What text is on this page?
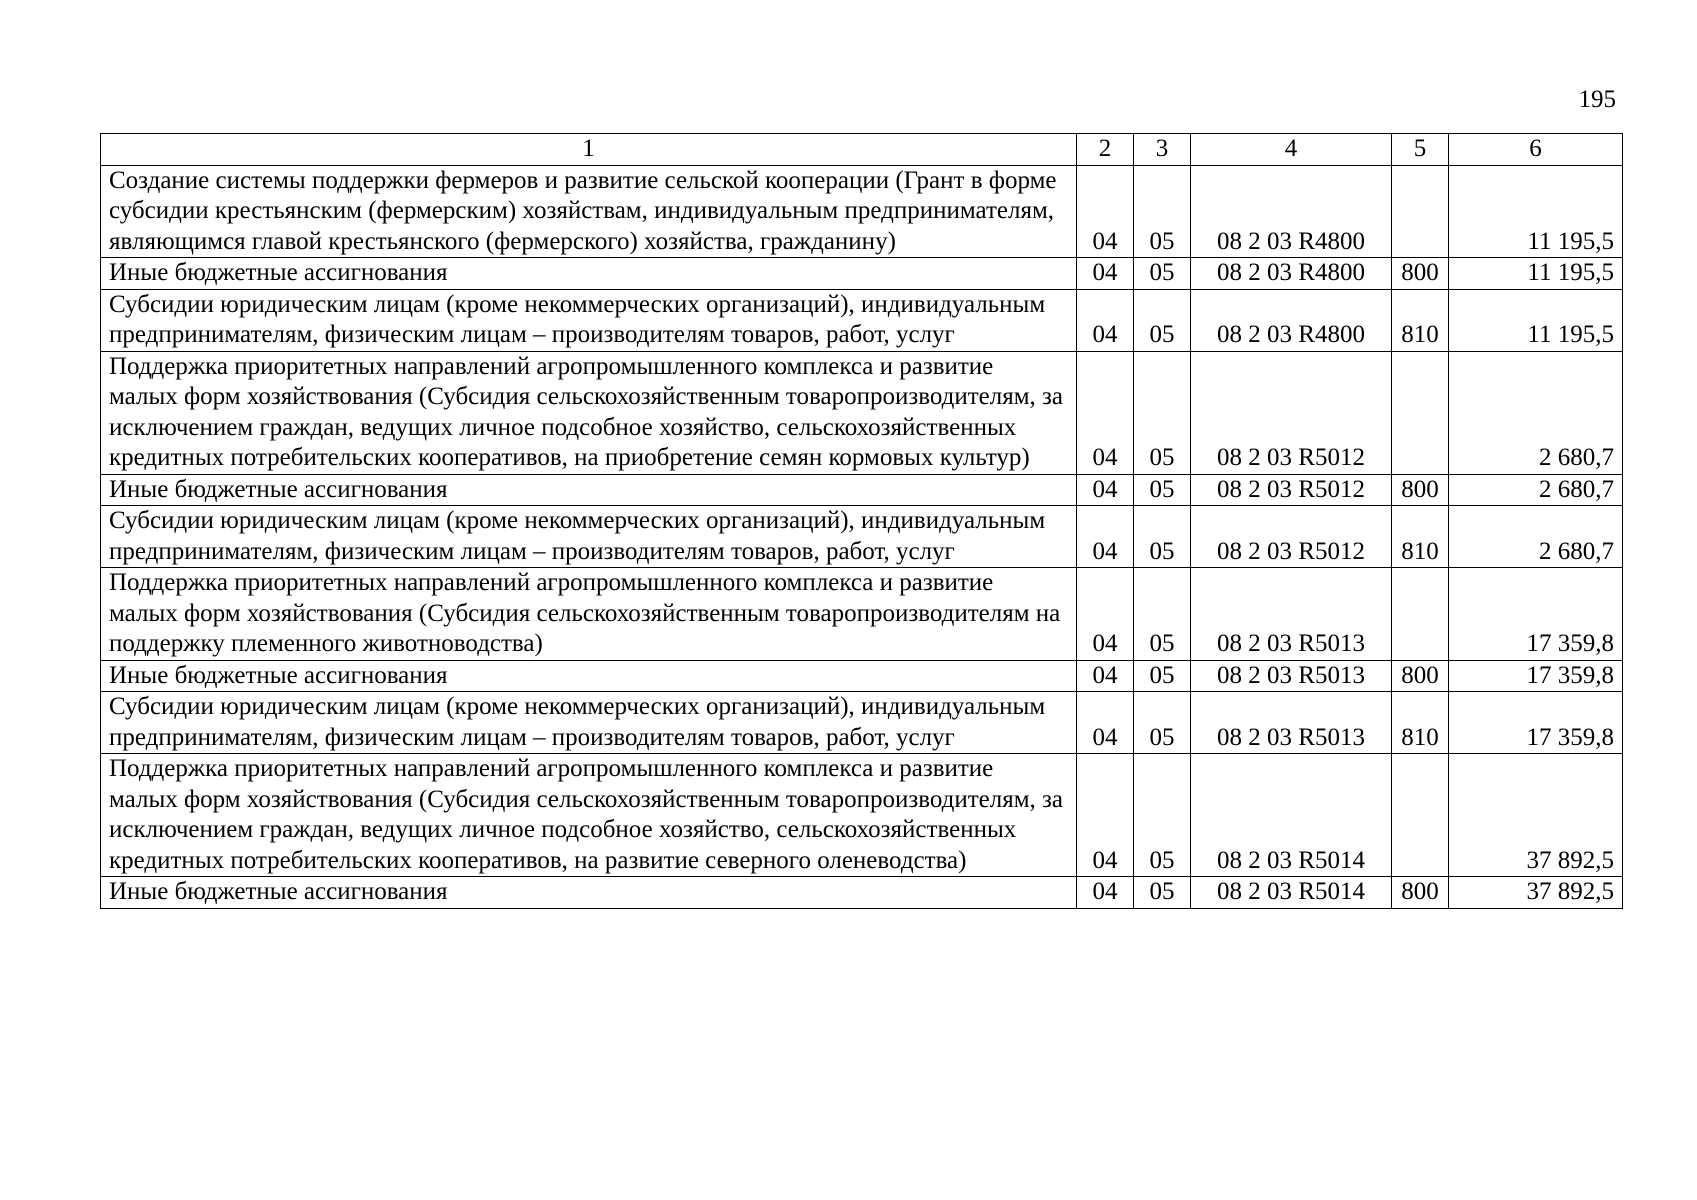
195
1	2	3	4	5	6
Создание системы поддержки фермеров и развитие сельской кооперации (Грант в форме субсидии крестьянским (фермерским) хозяйствам, индивидуальным предпринимателям, являющимся главой крестьянского (фермерского) хозяйства, гражданину)	04	05	08 2 03 R4800		11 195,5
Иные бюджетные ассигнования	04	05	08 2 03 R4800	800	11 195,5
Субсидии юридическим лицам (кроме некоммерческих организаций), индивидуальным предпринимателям, физическим лицам – производителям товаров, работ, услуг	04	05	08 2 03 R4800	810	11 195,5
Поддержка приоритетных направлений агропромышленного комплекса и развитие малых форм хозяйствования (Субсидия сельскохозяйственным товаропроизводителям, за исключением граждан, ведущих личное подсобное хозяйство, сельскохозяйственных кредитных потребительских кооперативов, на приобретение семян кормовых культур)	04	05	08 2 03 R5012		2 680,7
Иные бюджетные ассигнования	04	05	08 2 03 R5012	800	2 680,7
Субсидии юридическим лицам (кроме некоммерческих организаций), индивидуальным предпринимателям, физическим лицам – производителям товаров, работ, услуг	04	05	08 2 03 R5012	810	2 680,7
Поддержка приоритетных направлений агропромышленного комплекса и развитие малых форм хозяйствования (Субсидия сельскохозяйственным товаропроизводителям на поддержку племенного животноводства)	04	05	08 2 03 R5013		17 359,8
Иные бюджетные ассигнования	04	05	08 2 03 R5013	800	17 359,8
Субсидии юридическим лицам (кроме некоммерческих организаций), индивидуальным предпринимателям, физическим лицам – производителям товаров, работ, услуг	04	05	08 2 03 R5013	810	17 359,8
Поддержка приоритетных направлений агропромышленного комплекса и развитие малых форм хозяйствования (Субсидия сельскохозяйственным товаропроизводителям, за исключением граждан, ведущих личное подсобное хозяйство, сельскохозяйственных кредитных потребительских кооперативов, на развитие северного оленеводства)	04	05	08 2 03 R5014		37 892,5
Иные бюджетные ассигнования	04	05	08 2 03 R5014	800	37 892,5
